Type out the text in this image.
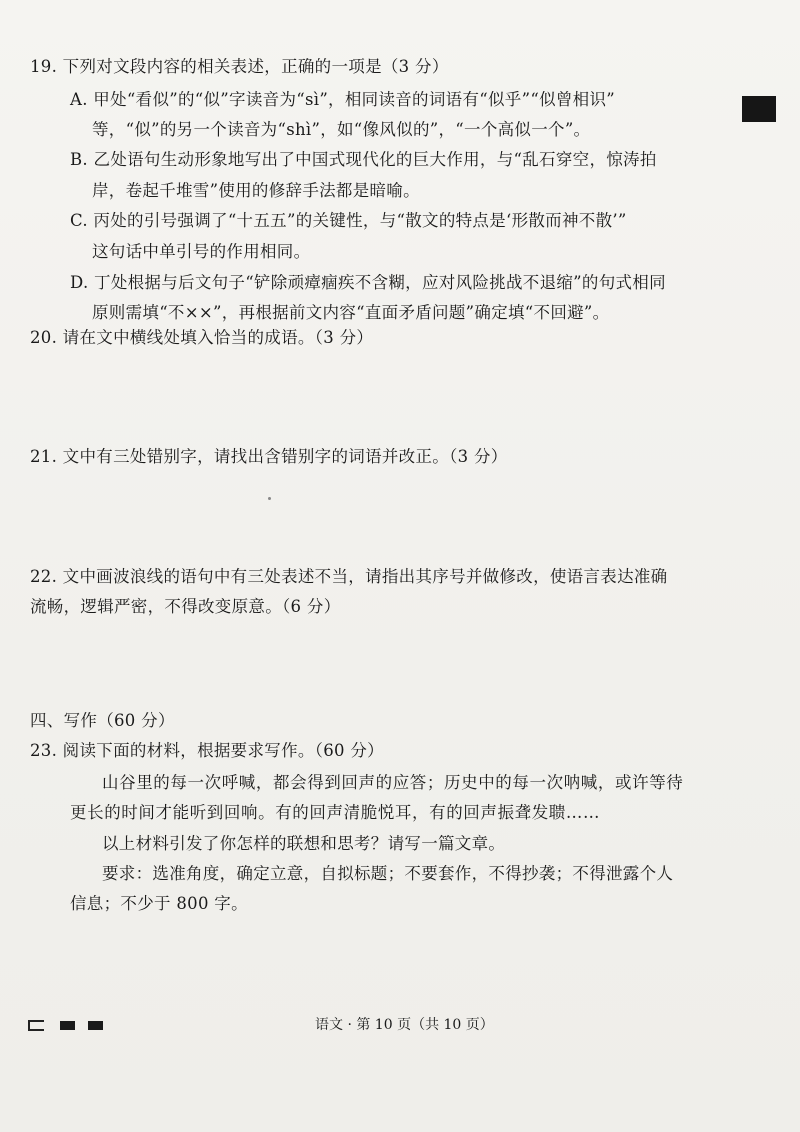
19. 下列对文段内容的相关表述，正确的一项是（3 分）
A. 甲处“看似”的“似”字读音为“sì”，相同读音的词语有“似乎”“似曾相识”
等，“似”的另一个读音为“shì”，如“像风似的”，“一个高似一个”。
B. 乙处语句生动形象地写出了中国式现代化的巨大作用，与“乱石穿空，惊涛拍
岸，卷起千堆雪”使用的修辞手法都是暗喻。
C. 丙处的引号强调了“十五五”的关键性，与“散文的特点是‘形散而神不散’”
这句话中单引号的作用相同。
D. 丁处根据与后文句子“铲除顽瘴痼疾不含糊，应对风险挑战不退缩”的句式相同
原则需填“不××”，再根据前文内容“直面矛盾问题”确定填“不回避”。
20. 请在文中横线处填入恰当的成语。（3 分）
21. 文中有三处错别字，请找出含错别字的词语并改正。（3 分）
22. 文中画波浪线的语句中有三处表述不当，请指出其序号并做修改，使语言表达准确
流畅，逻辑严密，不得改变原意。（6 分）
四、写作（60 分）
23. 阅读下面的材料，根据要求写作。（60 分）
山谷里的每一次呼喊，都会得到回声的应答；历史中的每一次呐喊，或许等待
更长的时间才能听到回响。有的回声清脆悦耳，有的回声振聋发聩……
以上材料引发了你怎样的联想和思考？请写一篇文章。
要求：选准角度，确定立意，自拟标题；不要套作，不得抄袭；不得泄露个人
信息；不少于 800 字。
语文 · 第 10 页（共 10 页）
